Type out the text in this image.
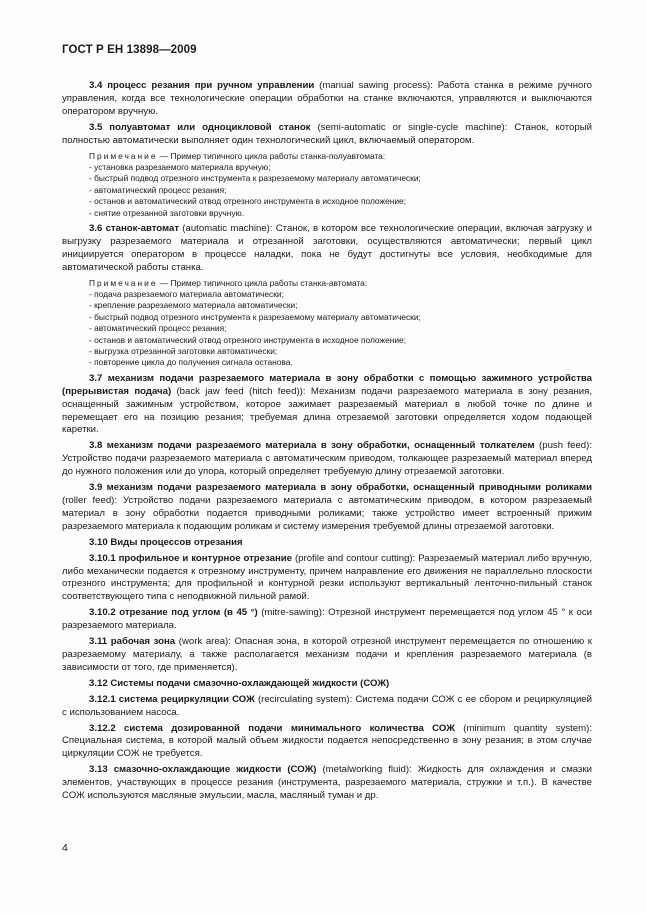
ГОСТ Р ЕН 13898—2009

3.4 процесс резания при ручном управлении (manual sawing process): Работа станка в режиме ручного управления, когда все технологические операции обработки на станке включаются, управляются и выключаются оператором вручную.

3.5 полуавтомат или одноцикловой станок (semi-automatic or single-cycle machine): Станок, который полностью автоматически выполняет один технологический цикл, включаемый оператором.

Примечание — Пример типичного цикла работы станка-полуавтомата:
- установка разрезаемого материала вручную;
- быстрый подвод отрезного инструмента к разрезаемому материалу автоматически;
- автоматический процесс резания;
- останов и автоматический отвод отрезного инструмента в исходное положение;
- снятие отрезанной заготовки вручную.

3.6 станок-автомат (automatic machine): Станок, в котором все технологические операции, включая загрузку и выгрузку разрезаемого материала и отрезанной заготовки, осуществляются автоматически; первый цикл инициируется оператором в процессе наладки, пока не будут достигнуты все условия, необходимые для автоматической работы станка.

Примечание — Пример типичного цикла работы станка-автомата:
- подача разрезаемого материала автоматически;
- крепление разрезаемого материала автоматически;
- быстрый подвод отрезного инструмента к разрезаемому материалу автоматически;
- автоматический процесс резания;
- останов и автоматический отвод отрезного инструмента в исходное положение;
- выгрузка отрезанной заготовки автоматически;
- повторение цикла до получения сигнала останова.

3.7 механизм подачи разрезаемого материала в зону обработки с помощью зажимного устройства (прерывистая подача) (back jaw feed (hitch feed)): Механизм подачи разрезаемого материала в зону резания, оснащенный зажимным устройством, которое зажимает разрезаемый материал в любой точке по длине и перемещает его на позицию резания; требуемая длина отрезаемой заготовки определяется ходом подающей каретки.

3.8 механизм подачи разрезаемого материала в зону обработки, оснащенный толкателем (push feed): Устройство подачи разрезаемого материала с автоматическим приводом, толкающее разрезаемый материал вперед до нужного положения или до упора, который определяет требуемую длину отрезаемой заготовки.

3.9 механизм подачи разрезаемого материала в зону обработки, оснащенный приводными роликами (roller feed): Устройство подачи разрезаемого материала с автоматическим приводом, в котором разрезаемый материал в зону обработки подается приводными роликами; также устройство имеет встроенный прижим разрезаемого материала к подающим роликам и систему измерения требуемой длины отрезаемой заготовки.

3.10 Виды процессов отрезания

3.10.1 профильное и контурное отрезание (profile and contour cutting): Разрезаемый материал либо вручную, либо механически подается к отрезному инструменту, причем направление его движения не параллельно плоскости отрезного инструмента; для профильной и контурной резки используют вертикальный ленточно-пильный станок соответствующего типа с неподвижной пильной рамой.

3.10.2 отрезание под углом (в 45 °) (mitre-sawing): Отрезной инструмент перемещается под углом 45 ° к оси разрезаемого материала.

3.11 рабочая зона (work area): Опасная зона, в которой отрезной инструмент перемещается по отношению к разрезаемому материалу, а также располагается механизм подачи и крепления разрезаемого материала (в зависимости от того, где применяется).

3.12 Системы подачи смазочно-охлаждающей жидкости (СОЖ)

3.12.1 система рециркуляции СОЖ (recirculating system): Система подачи СОЖ с ее сбором и рециркуляцией с использованием насоса.

3.12.2 система дозированной подачи минимального количества СОЖ (minimum quantity system): Специальная система, в которой малый объем жидкости подается непосредственно в зону резания; в этом случае циркуляции СОЖ не требуется.

3.13 смазочно-охлаждающие жидкости (СОЖ) (metalworking fluid): Жидкость для охлаждения и смазки элементов, участвующих в процессе резания (инструмента, разрезаемого материала, стружки и т.п.). В качестве СОЖ используются масляные эмульсии, масла, масляный туман и др.

4
